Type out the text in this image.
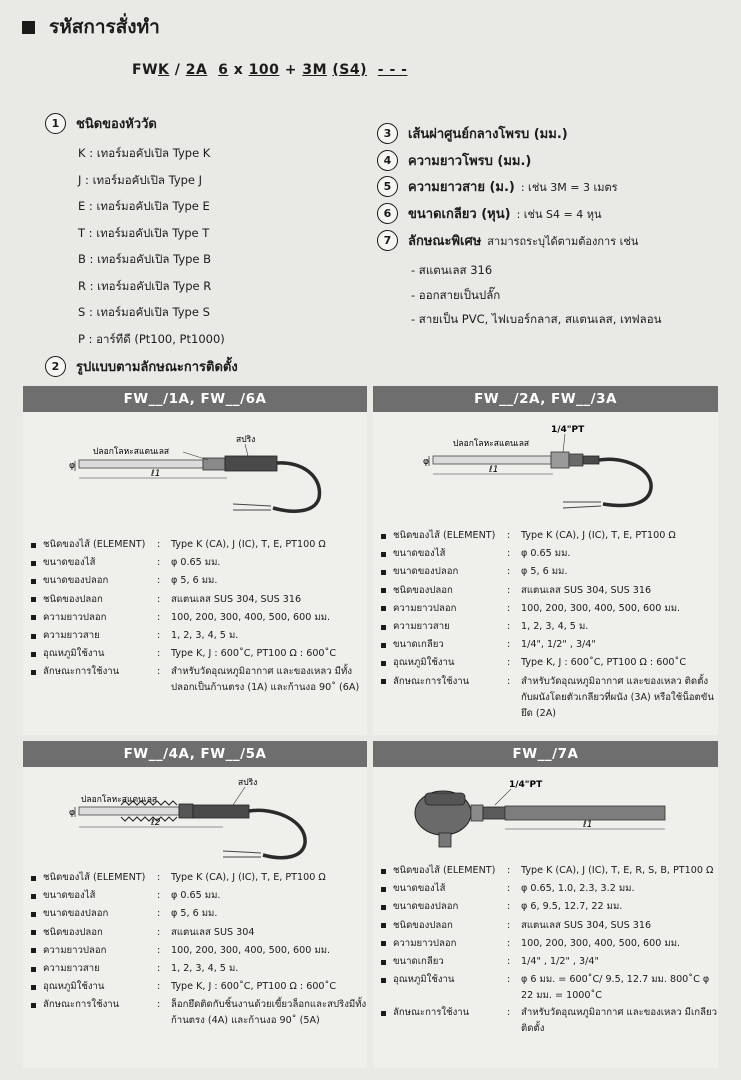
รหัสการสั่งทำ
FWK / 2A 6 x 100 + 3M (S4) - - -
1	ชนิดของหัววัด
K : เทอร์มอคัปเปิล Type K
J : เทอร์มอคัปเปิล Type J
E : เทอร์มอคัปเปิล Type E
T : เทอร์มอคัปเปิล Type T
B : เทอร์มอคัปเปิล Type B
R : เทอร์มอคัปเปิล Type R
S : เทอร์มอคัปเปิล Type S
P : อาร์ทีดี (Pt100, Pt1000)
2	รูปแบบตามลักษณะการติดตั้ง
3	เส้นผ่าศูนย์กลางโพรบ (มม.)
4	ความยาวโพรบ (มม.)
5	ความยาวสาย (ม.) : เช่น 3M = 3 เมตร
6	ขนาดเกลียว (หุน) : เช่น S4 = 4 หุน
7	ลักษณะพิเศษ สามารถระบุได้ตามต้องการ เช่น
- สแตนเลส 316
- ออกสายเป็นปลั๊ก
- สายเป็น PVC, ไฟเบอร์กลาส, สแตนเลส, เทฟลอน
FW__/1A, FW__/6A
φ
ปลอกโลหะสแตนเลส
สปริง
ℓ1
ชนิดของไส้ (ELEMENT)	:	Type K (CA), J (IC), T, E, PT100 Ω
ขนาดของไส้	:	φ 0.65 มม.
ขนาดของปลอก	:	φ 5, 6 มม.
ชนิดของปลอก	:	สแตนเลส SUS 304, SUS 316
ความยาวปลอก	:	100, 200, 300, 400, 500, 600 มม.
ความยาวสาย	:	1, 2, 3, 4, 5 ม.
อุณหภูมิใช้งาน	:	Type K, J : 600˚C, PT100 Ω : 600˚C
ลักษณะการใช้งาน	:	สำหรับวัดอุณหภูมิอากาศ และของเหลว มีทั้งปลอกเป็นก้านตรง (1A) และก้านงอ 90˚ (6A)
FW__/2A, FW__/3A
φ
ปลอกโลหะสแตนเลส
1/4"PT
ℓ1
ชนิดของไส้ (ELEMENT)	:	Type K (CA), J (IC), T, E, PT100 Ω
ขนาดของไส้	:	φ 0.65 มม.
ขนาดของปลอก	:	φ 5, 6 มม.
ชนิดของปลอก	:	สแตนเลส SUS 304, SUS 316
ความยาวปลอก	:	100, 200, 300, 400, 500, 600 มม.
ความยาวสาย	:	1, 2, 3, 4, 5 ม.
ขนาดเกลียว	:	1/4", 1/2" , 3/4"
อุณหภูมิใช้งาน	:	Type K, J : 600˚C, PT100 Ω : 600˚C
ลักษณะการใช้งาน	:	สำหรับวัดอุณหภูมิอากาศ และของเหลว ติดตั้งกับผนังโดยตัวเกลียวที่ผนัง (3A) หรือใช้น็อตขันยึด (2A)
FW__/4A, FW__/5A
φ
ปลอกโลหะสแตนเลส
สปริง
ℓ2
ชนิดของไส้ (ELEMENT)	:	Type K (CA), J (IC), T, E, PT100 Ω
ขนาดของไส้	:	φ 0.65 มม.
ขนาดของปลอก	:	φ 5, 6 มม.
ชนิดของปลอก	:	สแตนเลส SUS 304
ความยาวปลอก	:	100, 200, 300, 400, 500, 600 มม.
ความยาวสาย	:	1, 2, 3, 4, 5 ม.
อุณหภูมิใช้งาน	:	Type K, J : 600˚C, PT100 Ω : 600˚C
ลักษณะการใช้งาน	:	ล็อกยึดติดกับชิ้นงานด้วยเขี้ยวล็อกและสปริงมีทั้งก้านตรง (4A) และก้านงอ 90˚ (5A)
FW__/7A
1/4"PT
ℓ1
ชนิดของไส้ (ELEMENT)	:	Type K (CA), J (IC), T, E, R, S, B, PT100 Ω
ขนาดของไส้	:	φ 0.65, 1.0, 2.3, 3.2 มม.
ขนาดของปลอก	:	φ 6, 9.5, 12.7, 22 มม.
ชนิดของปลอก	:	สแตนเลส SUS 304, SUS 316
ความยาวปลอก	:	100, 200, 300, 400, 500, 600 มม.
ขนาดเกลียว	:	1/4" , 1/2" , 3/4"
อุณหภูมิใช้งาน	:	φ 6 มม. = 600˚C/ 9.5, 12.7 มม. 800˚C φ 22 มม. = 1000˚C
ลักษณะการใช้งาน	:	สำหรับวัดอุณหภูมิอากาศ และของเหลว มีเกลียวติดตั้ง
